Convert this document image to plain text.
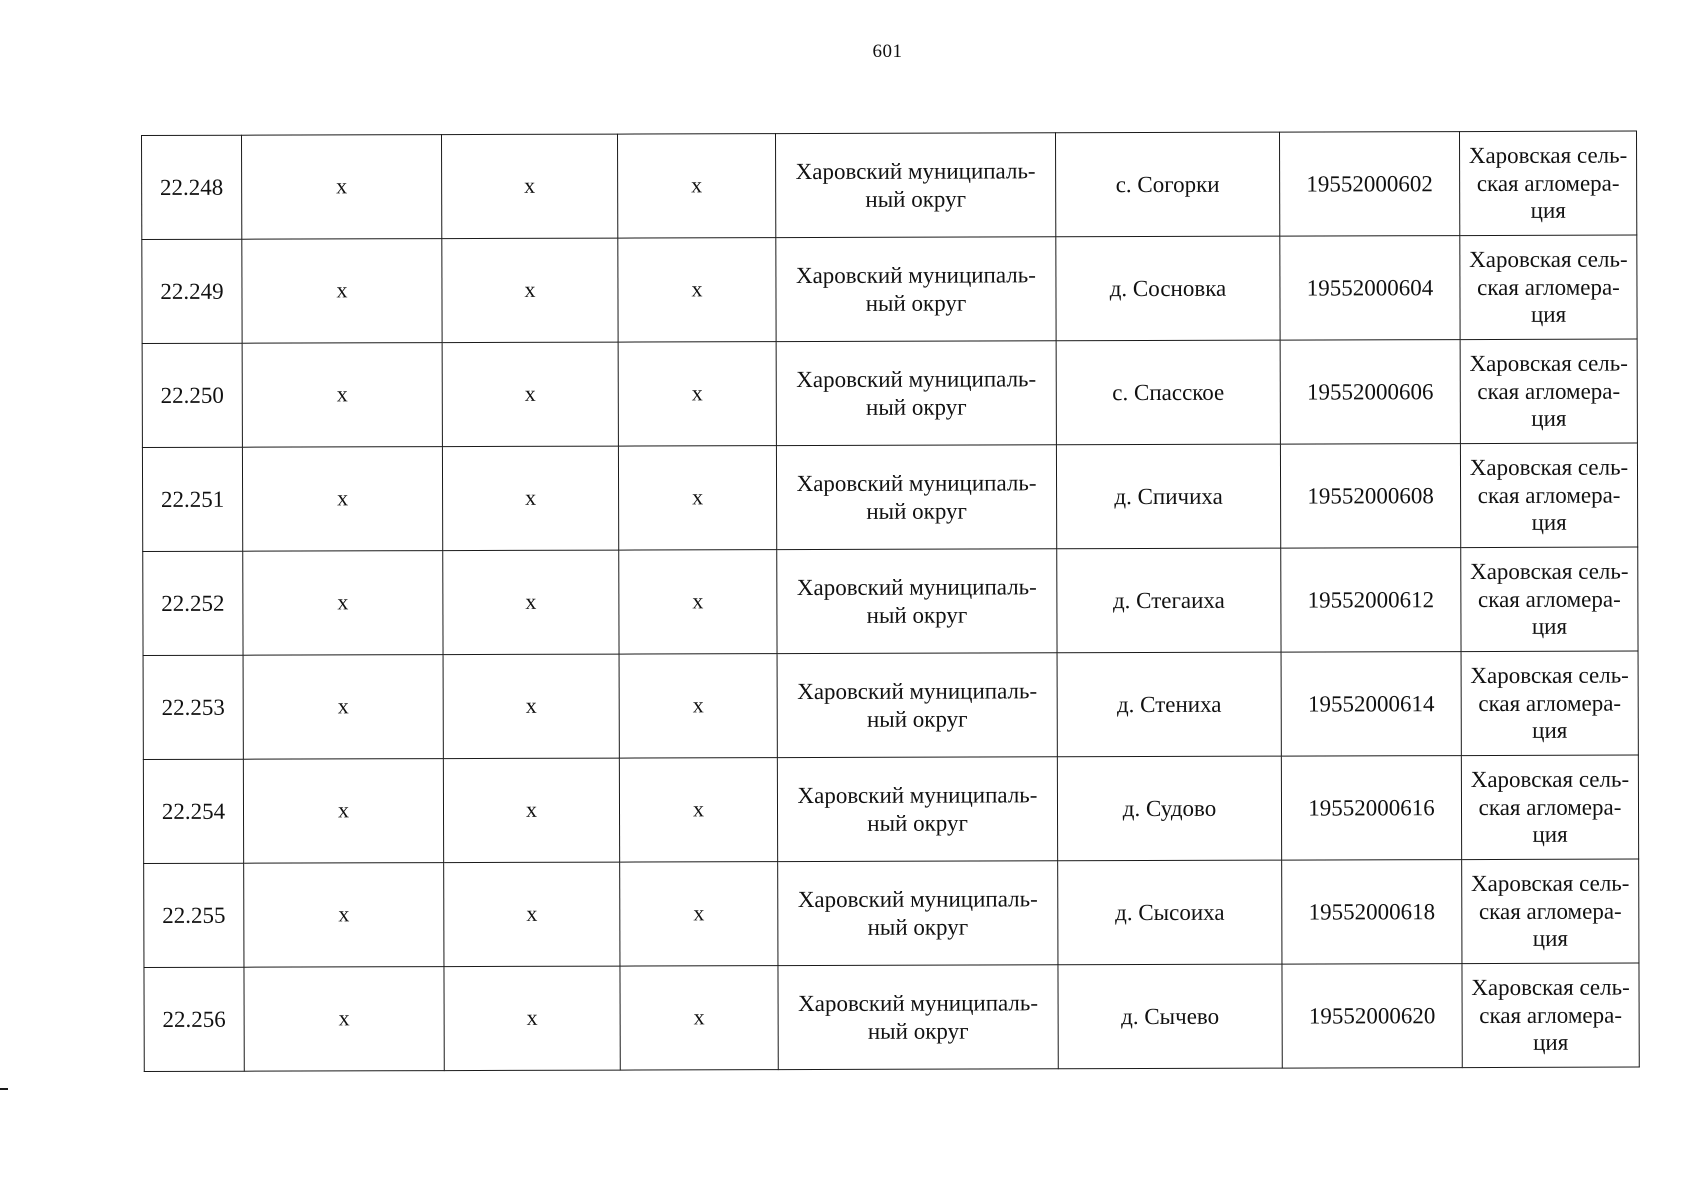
601
22.248	х	х	х	Харовский муниципаль-ный округ	с. Согорки	19552000602	Харовская сель-ская агломера-ция
22.249	х	х	х	Харовский муниципаль-ный округ	д. Сосновка	19552000604	Харовская сель-ская агломера-ция
22.250	х	х	х	Харовский муниципаль-ный округ	с. Спасское	19552000606	Харовская сель-ская агломера-ция
22.251	х	х	х	Харовский муниципаль-ный округ	д. Спичиха	19552000608	Харовская сель-ская агломера-ция
22.252	х	х	х	Харовский муниципаль-ный округ	д. Стегаиха	19552000612	Харовская сель-ская агломера-ция
22.253	х	х	х	Харовский муниципаль-ный округ	д. Стениха	19552000614	Харовская сель-ская агломера-ция
22.254	х	х	х	Харовский муниципаль-ный округ	д. Судово	19552000616	Харовская сель-ская агломера-ция
22.255	х	х	х	Харовский муниципаль-ный округ	д. Сысоиха	19552000618	Харовская сель-ская агломера-ция
22.256	х	х	х	Харовский муниципаль-ный округ	д. Сычево	19552000620	Харовская сель-ская агломера-ция
